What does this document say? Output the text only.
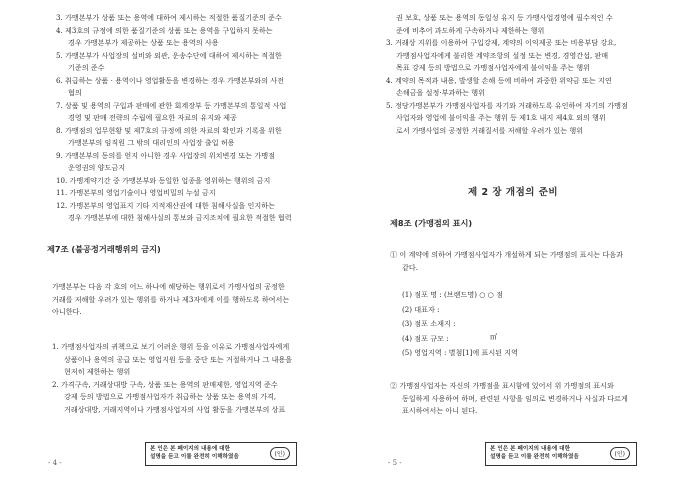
3. 가맹본부가 상품 또는 용역에 대하여 제시하는 적절한 품질기준의 준수
4. 제3호의 규정에 의한 품질기준의 상품 또는 용역을 구입하지 못하는
경우 가맹본부가 제공하는 상품 또는 용역의 사용
5. 가맹본부가 사업장의 설비와 외관, 운송수단에 대하여 제시하는 적절한
기준의 준수
6. 취급하는 상품 · 용역이나 영업활동을 변경하는 경우 가맹본부와의 사전
협의
7. 상품 및 용역의 구입과 판매에 관한 회계장부 등 가맹본부의 통일적 사업
경영 및 판매 전략의 수립에 필요한 자료의 유지와 제공
8. 가맹점의 업무현황 및 제7호의 규정에 의한 자료의 확인과 기록을 위한
가맹본부의 임직원 그 밖의 대리인의 사업장 출입 허용
9. 가맹본부의 동의를 얻지 아니한 경우 사업장의 위치변경 또는 가맹점
운영권의 양도금지
10. 가맹계약기간 중 가맹본부와 동일한 업종을 영위하는 행위의 금지
11. 가맹본부의 영업기술이나 영업비밀의 누설 금지
12. 가맹본부의 영업표지 기타 지적재산권에 대한 침해사실을 인지하는
경우 가맹본부에 대한 침해사실의 통보와 금지조치에 필요한 적절한 협력
제7조 (불공정거래행위의 금지)
가맹본부는 다음 각 호의 어느 하나에 해당하는 행위로서 가맹사업의 공정한
거래를 저해할 우려가 있는 행위를 하거나 제3자에게 이를 행하도록 하여서는
아니한다.
1. 가맹점사업자의 귀책으로 보기 어려운 행위 등을 이유로 가맹점사업자에게
상품이나 용역의 공급 또는 영업지원 등을 중단 또는 거절하거나 그 내용을
현저히 제한하는 행위
2. 가격구속, 거래상대방 구속, 상품 또는 용역의 판매제한, 영업지역 준수
강제 등의 방법으로 가맹점사업자가 취급하는 상품 또는 용역의 가격,
거래상대방, 거래지역이나 가맹점사업자의 사업 활동을 가맹본부의 상표
- 4 -
본 인은 본 페이지의 내용에 대한
설명을 듣고 이를 완전히 이해하였음	(인)
권 보호, 상품 또는 용역의 동일성 유지 등 가맹사업경영에 필수적인 수
준에 비추어 과도하게 구속하거나 제한하는 행위
3. 거래상 지위를 이용하여 구입강제, 계약의 이익제공 또는 비용부담 강요,
가맹점사업자에게 불리한 계약조항의 설정 또는 변경, 경영간섭, 판매
목표 강제 등의 방법으로 가맹점사업자에게 불이익을 주는 행위
4. 계약의 목적과 내용, 발생할 손해 등에 비하여 과중한 위약금 또는 지연
손해금을 설정·부과하는 행위
5. 정당가맹본부가 가맹점사업자를 자기와 거래하도록 유인하여 자기의 가맹점
사업자와 영업에 불이익을 주는 행위 등 제1호 내지 제4호 외의 행위
로서 가맹사업의 공정한 거래질서를 저해할 우려가 있는 행위
제 2 장 개점의 준비
제8조 (가맹점의 표시)
① 이 계약에 의하여 가맹점사업자가 개설하게 되는 가맹점의 표시는 다음과
같다.
(1) 점포 명 : (브랜드명) ○ ○ 점
(2) 대표자 :
(3) 점포 소재지 :
(4) 점포 규모 :	㎡
(5) 영업지역 : 별첨[1]에 표시된 지역
② 가맹점사업자는 자신의 가맹점을 표시함에 있어서 위 가맹점의 표시와
동일하게 사용하여 하며, 관련된 사항을 임의로 변경하거나 사실과 다르게
표시하여서는 아니 된다.
- 5 -
본 인은 본 페이지의 내용에 대한
설명을 듣고 이를 완전히 이해하였음	(인)
